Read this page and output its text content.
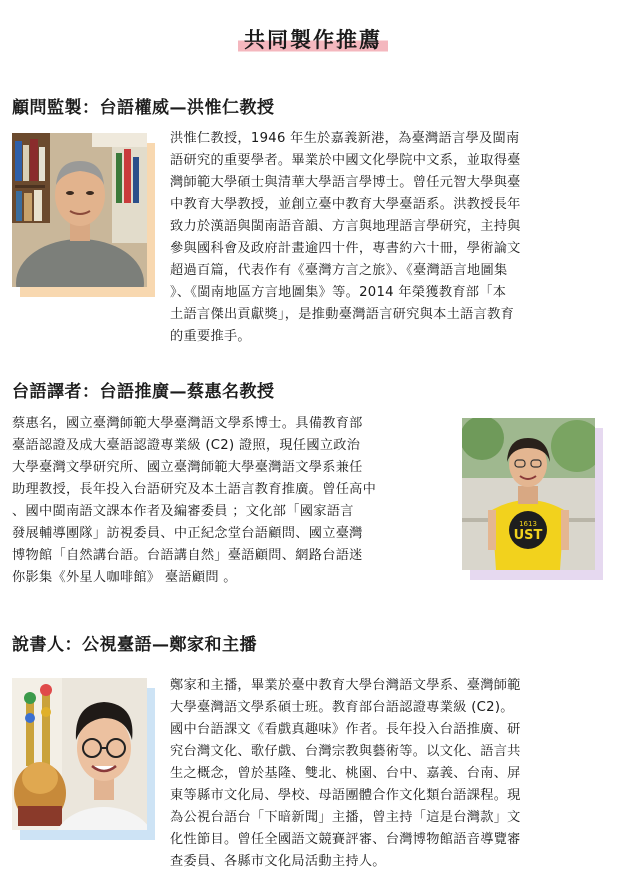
共同製作推薦
顧問監製：台語權威—洪惟仁教授

洪惟仁教授，1946 年生於嘉義新港，為臺灣語言學及閩南
語研究的重要學者。畢業於中國文化學院中文系，並取得臺
灣師範大學碩士與清華大學語言學博士。曾任元智大學與臺
中教育大學教授，並創立臺中教育大學臺語系。洪教授長年
致力於漢語與閩南語音韻、方言與地理語言學研究，主持與
參與國科會及政府計畫逾四十件，專書約六十冊，學術論文
超過百篇，代表作有《臺灣方言之旅》、《臺灣語言地圖集
》、《閩南地區方言地圖集》等。2014 年榮獲教育部「本
土語言傑出貢獻獎」，是推動臺灣語言研究與本土語言教育
的重要推手。

台語譯者：台語推廣—蔡惠名教授

蔡惠名，國立臺灣師範大學臺灣語文學系博士。具備教育部
臺語認證及成大臺語認證專業級 (C2) 證照，現任國立政治
大學臺灣文學研究所、國立臺灣師範大學臺灣語文學系兼任
助理教授，長年投入台語研究及本土語言教育推廣。曾任高中
、國中閩南語文課本作者及編審委員 ；文化部「國家語言
發展輔導團隊」訪視委員、中正紀念堂台語顧問、國立臺灣
博物館「自然講台語。台語講自然」臺語顧問、網路台語迷
你影集《外星人咖啡館》 臺語顧問 。

1613
UST
說書人：公視臺語—鄭家和主播

鄭家和主播，畢業於臺中教育大學台灣語文學系、臺灣師範
大學臺灣語文學系碩士班。教育部台語認證專業級 (C2)。
國中台語課文《看戲真趣味》作者。長年投入台語推廣、研
究台灣文化、歌仔戲、台灣宗教與藝術等。以文化、語言共
生之概念，曾於基隆、雙北、桃園、台中、嘉義、台南、屏
東等縣市文化局、學校、母語團體合作文化類台語課程。現
為公視台語台「下暗新聞」主播，曾主持「這是台灣款」文
化性節目。曾任全國語文競賽評審、台灣博物館語音導覽審
查委員、各縣市文化局活動主持人。
